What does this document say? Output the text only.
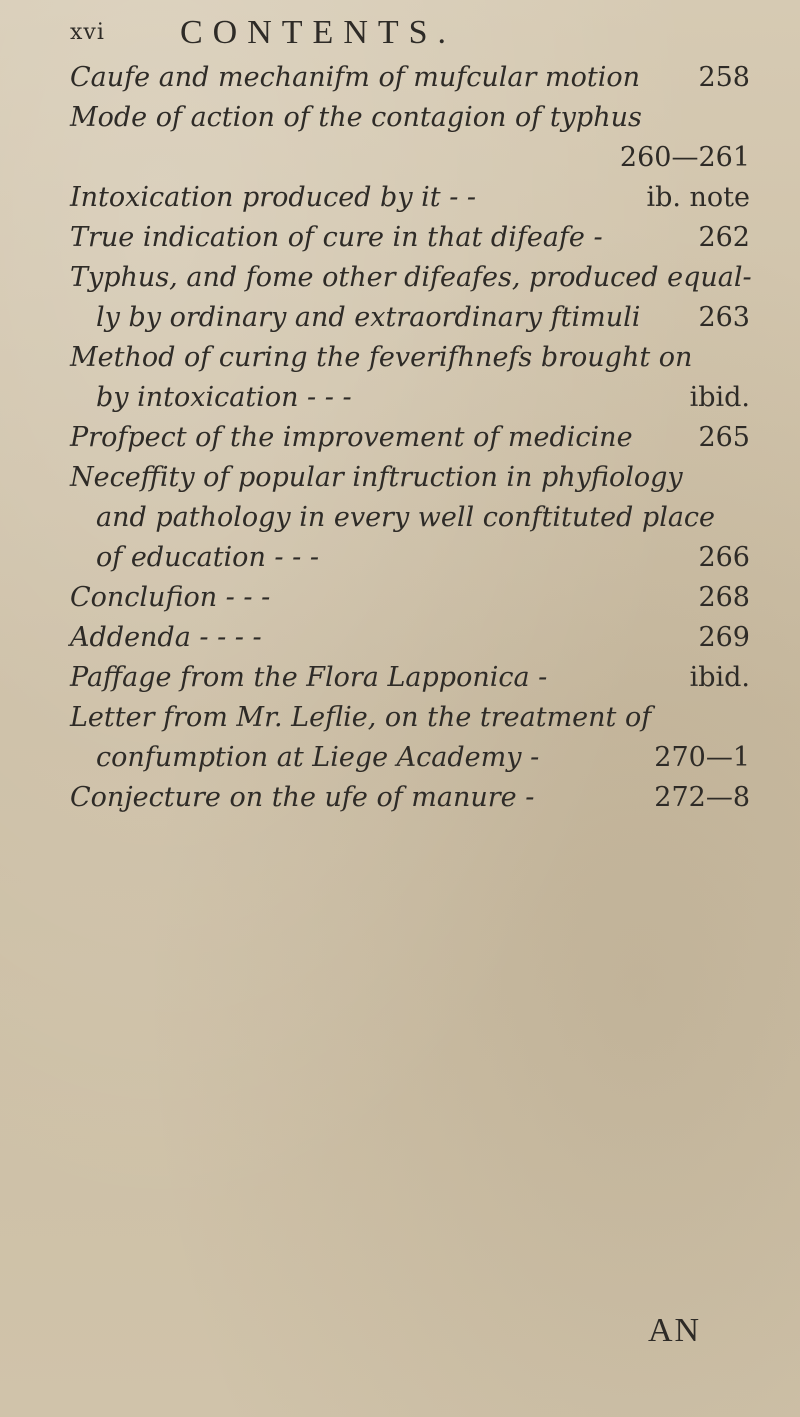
xvi CONTENTS.
Caufe and mechanifm of mufcular motion 258
Mode of action of the contagion of typhus
260—261
Intoxication produced by it - -	ib. note
True indication of cure in that difeafe -	262
Typhus, and fome other difeafes, produced equal-
ly by ordinary and extraordinary ftimuli 263
Method of curing the feverifhnefs brought on
by intoxication - - -	ibid.
Profpect of the improvement of medicine 265
Neceffity of popular inftruction in phyfiology
and pathology in every well conftituted place
of education - - -	266
Conclufion - - -	268
Addenda - - - -	269
Paffage from the Flora Lapponica -	ibid.
Letter from Mr. Leflie, on the treatment of
confumption at Liege Academy -	270—1
Conjecture on the ufe of manure -	272—8
AN
